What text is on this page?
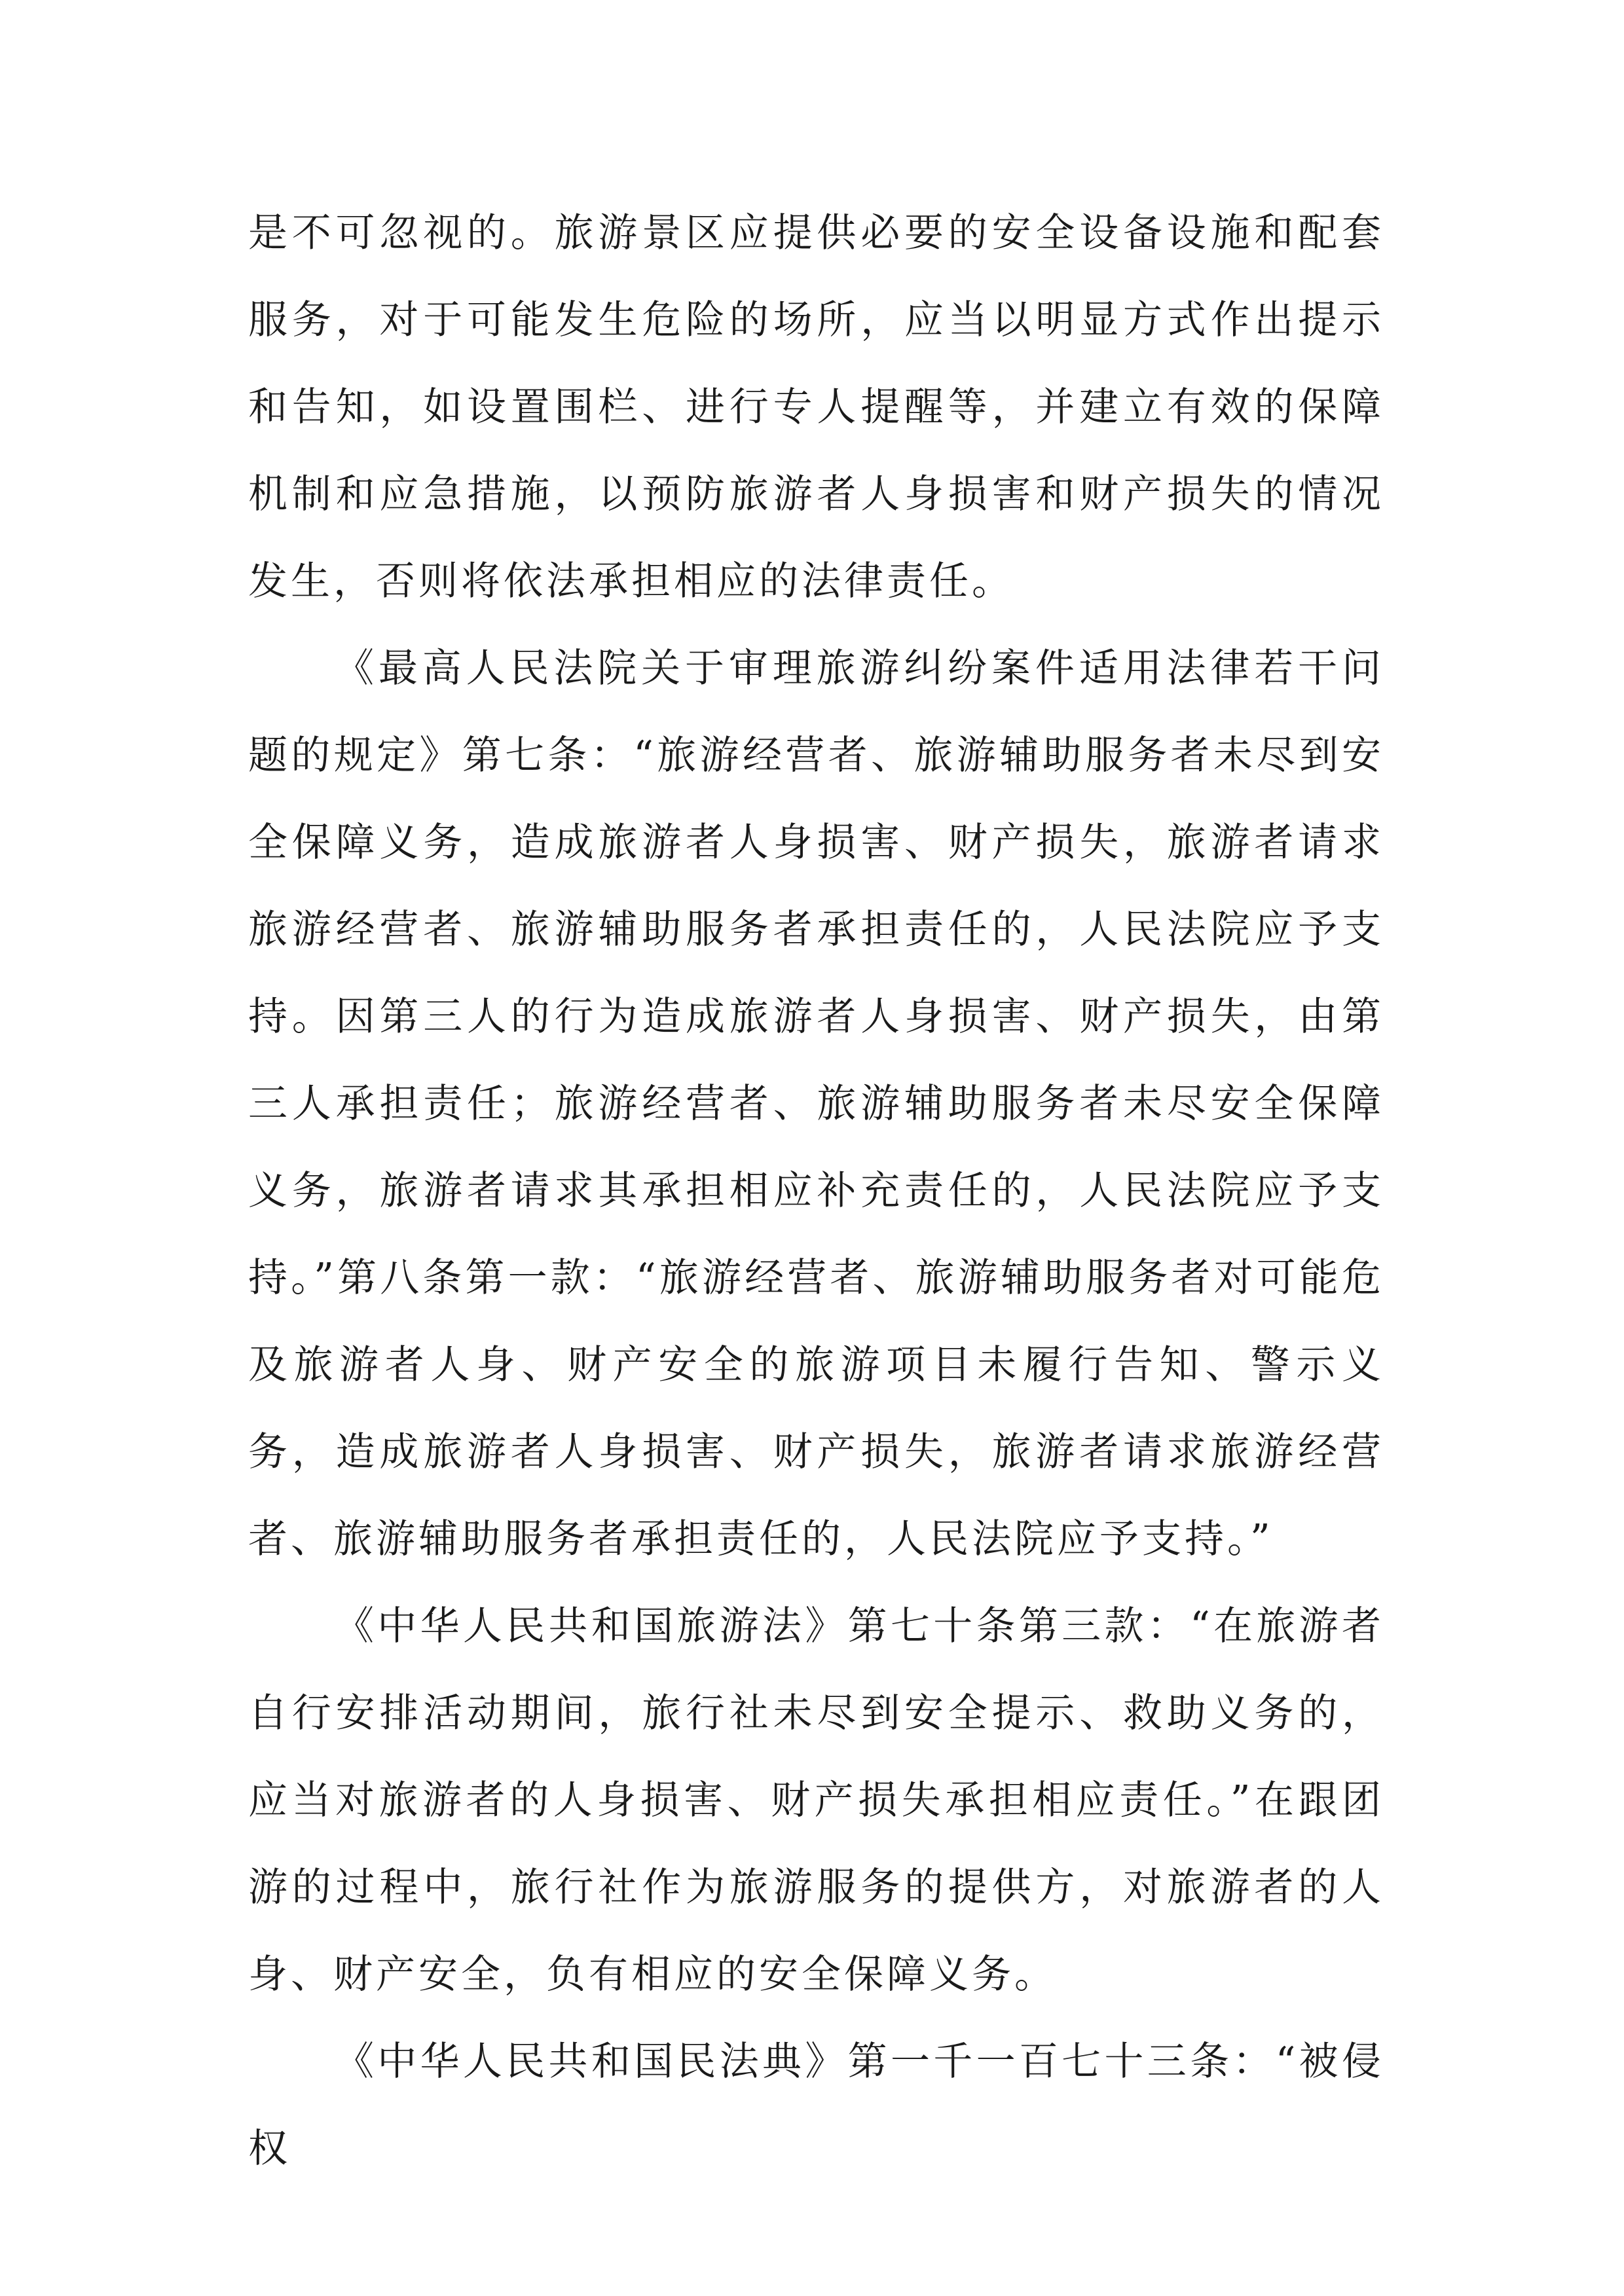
是不可忽视的。旅游景区应提供必要的安全设备设施和配套服务，对于可能发生危险的场所，应当以明显方式作出提示和告知，如设置围栏、进行专人提醒等，并建立有效的保障机制和应急措施，以预防旅游者人身损害和财产损失的情况发生，否则将依法承担相应的法律责任。

《最高人民法院关于审理旅游纠纷案件适用法律若干问题的规定》第七条：“旅游经营者、旅游辅助服务者未尽到安全保障义务，造成旅游者人身损害、财产损失，旅游者请求旅游经营者、旅游辅助服务者承担责任的，人民法院应予支持。因第三人的行为造成旅游者人身损害、财产损失，由第三人承担责任；旅游经营者、旅游辅助服务者未尽安全保障义务，旅游者请求其承担相应补充责任的，人民法院应予支持。”第八条第一款：“旅游经营者、旅游辅助服务者对可能危及旅游者人身、财产安全的旅游项目未履行告知、警示义务，造成旅游者人身损害、财产损失，旅游者请求旅游经营者、旅游辅助服务者承担责任的，人民法院应予支持。”

《中华人民共和国旅游法》第七十条第三款：“在旅游者自行安排活动期间，旅行社未尽到安全提示、救助义务的，应当对旅游者的人身损害、财产损失承担相应责任。”在跟团游的过程中，旅行社作为旅游服务的提供方，对旅游者的人身、财产安全，负有相应的安全保障义务。

《中华人民共和国民法典》第一千一百七十三条：“被侵权
